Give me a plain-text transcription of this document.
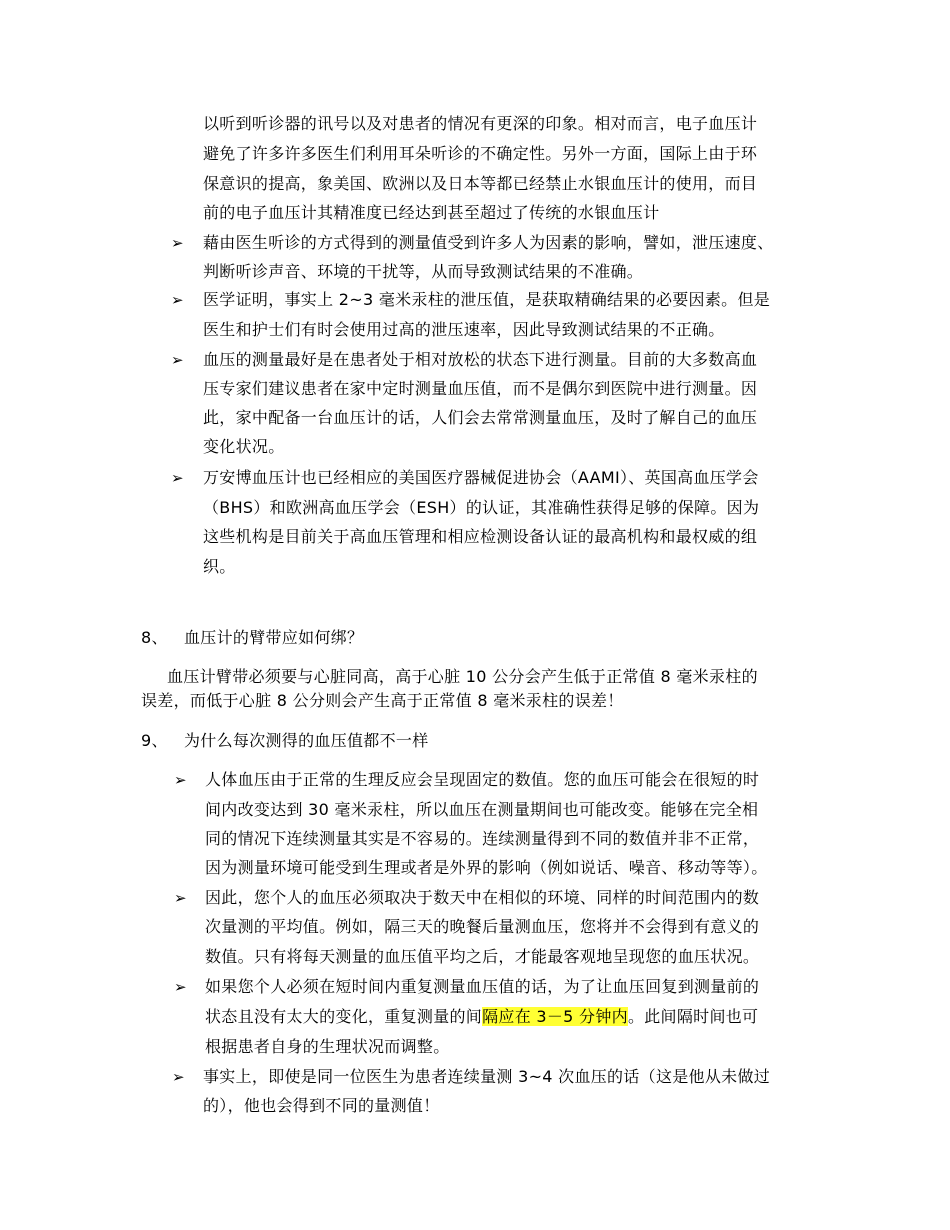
以听到听诊器的讯号以及对患者的情况有更深的印象。相对而言，电子血压计
避免了许多许多医生们利用耳朵听诊的不确定性。另外一方面，国际上由于环
保意识的提高，象美国、欧洲以及日本等都已经禁止水银血压计的使用，而目
前的电子血压计其精准度已经达到甚至超过了传统的水银血压计
➢ 藉由医生听诊的方式得到的测量值受到许多人为因素的影响，譬如，泄压速度、
判断听诊声音、环境的干扰等，从而导致测试结果的不准确。
➢ 医学证明，事实上 2~3 毫米汞柱的泄压值，是获取精确结果的必要因素。但是
医生和护士们有时会使用过高的泄压速率，因此导致测试结果的不正确。
➢ 血压的测量最好是在患者处于相对放松的状态下进行测量。目前的大多数高血
压专家们建议患者在家中定时测量血压值，而不是偶尔到医院中进行测量。因
此，家中配备一台血压计的话，人们会去常常测量血压，及时了解自己的血压
变化状况。
➢ 万安博血压计也已经相应的美国医疗器械促进协会（AAMI）、英国高血压学会
（BHS）和欧洲高血压学会（ESH）的认证，其准确性获得足够的保障。因为
这些机构是目前关于高血压管理和相应检测设备认证的最高机构和最权威的组
织。
8、 血压计的臂带应如何绑？
血压计臂带必须要与心脏同高，高于心脏 10 公分会产生低于正常值 8 毫米汞柱的
误差，而低于心脏 8 公分则会产生高于正常值 8 毫米汞柱的误差！
9、 为什么每次测得的血压值都不一样
➢ 人体血压由于正常的生理反应会呈现固定的数值。您的血压可能会在很短的时
间内改变达到 30 毫米汞柱，所以血压在测量期间也可能改变。能够在完全相
同的情况下连续测量其实是不容易的。连续测量得到不同的数值并非不正常，
因为测量环境可能受到生理或者是外界的影响（例如说话、噪音、移动等等）。
➢ 因此，您个人的血压必须取决于数天中在相似的环境、同样的时间范围内的数
次量测的平均值。例如，隔三天的晚餐后量测血压，您将并不会得到有意义的
数值。只有将每天测量的血压值平均之后，才能最客观地呈现您的血压状况。
➢ 如果您个人必须在短时间内重复测量血压值的话，为了让血压回复到测量前的
状态且没有太大的变化，重复测量的间隔应在 3－5 分钟内。此间隔时间也可
根据患者自身的生理状况而调整。
➢ 事实上，即使是同一位医生为患者连续量测 3~4 次血压的话（这是他从未做过
的），他也会得到不同的量测值！
